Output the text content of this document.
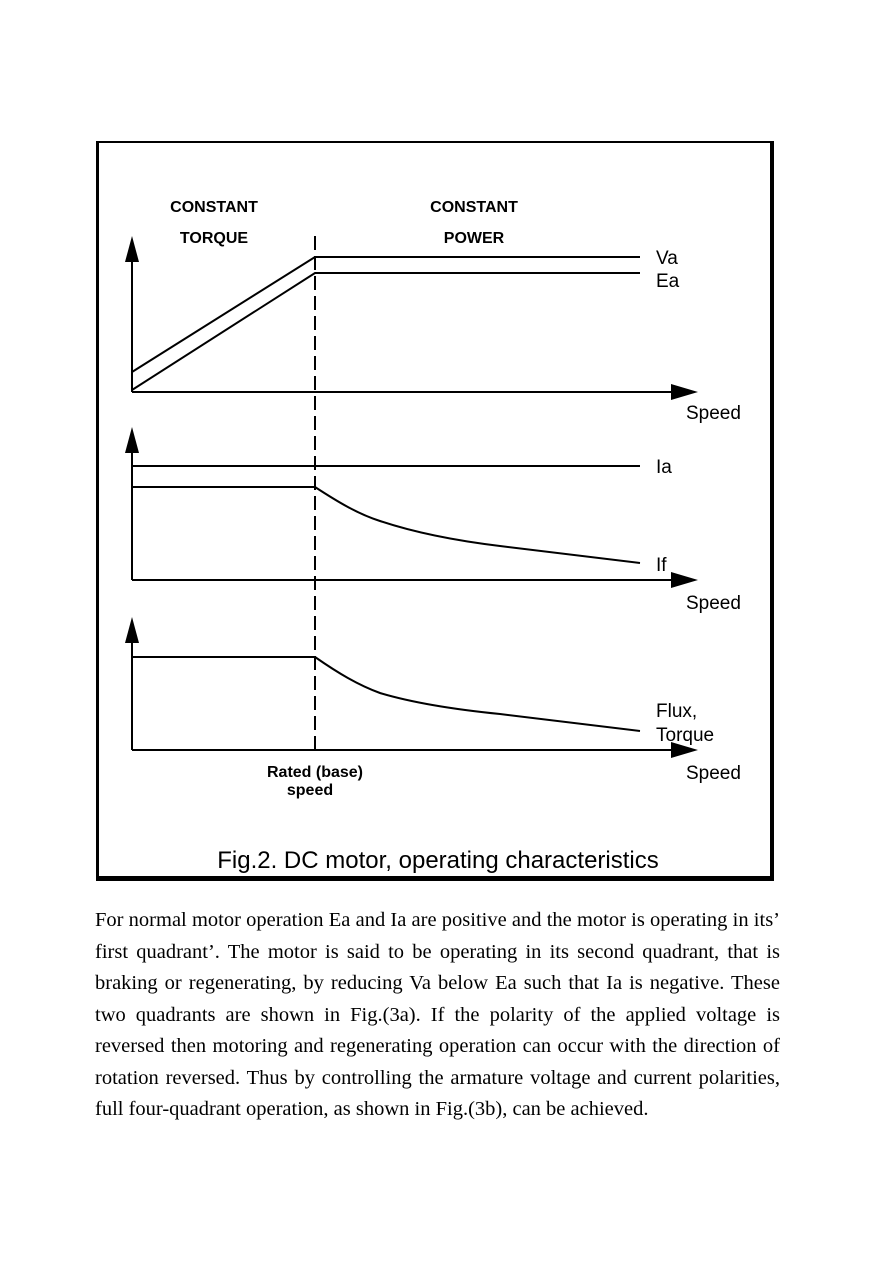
CONSTANT
TORQUE
CONSTANT
POWER
Va
Ea
Speed
Ia
If
Speed
Flux,
Torque
Speed
Rated (base)
speed
Fig.2. DC motor, operating characteristics

For normal motor operation Ea and Ia are positive and the motor is operating in its’ first quadrant’. The motor is said to be operating in its second quadrant, that is braking or regenerating, by reducing Va below Ea such that Ia is negative. These two quadrants are shown in Fig.(3a). If the polarity of the applied voltage is reversed then motoring and regenerating operation can occur with the direction of rotation reversed. Thus by controlling the armature voltage and current polarities, full four-quadrant operation, as shown in Fig.(3b), can be achieved.
